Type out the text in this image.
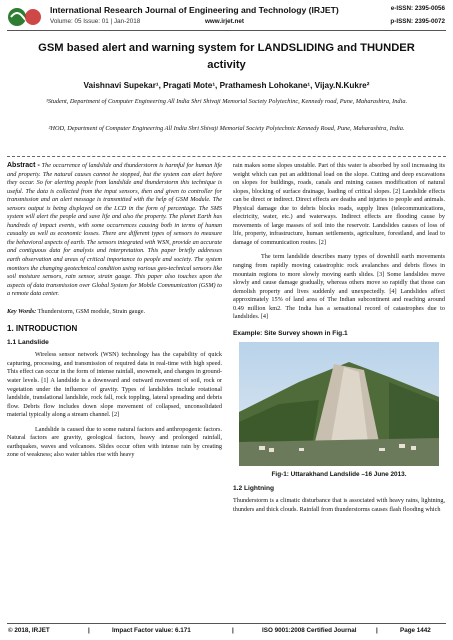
International Research Journal of Engineering and Technology (IRJET)	e-ISSN: 2395-0056
Volume: 05 Issue: 01 | Jan-2018	www.irjet.net	p-ISSN: 2395-0072
GSM based alert and warning system for LANDSLIDING and THUNDER activity
Vaishnavi Supekar¹, Pragati Mote¹, Prathamesh Lohokane¹, Vijay.N.Kukre²
¹Student, Department of Computer Engineering All India Shri Shivaji Memorial Society Polytechinc, Kennedy road, Pune, Maharashtra, India.
²HOD, Department of Computer Engineering All India Shri Shivaji Memorial Society Polytechnic Kennedy Road, Pune, Maharashtra, India.

Abstract - The occurrence of landslide and thunderstorm is harmful for human life and property. The natural causes cannot be stopped, but the system can alert before they occur. So for alerting people from landslide and thunderstorm this technique is useful. The data is collected from the input sensors, then and given to controller for transmission and an alert message is transmitted with the help of GSM Module. The sensors output is being displayed on the LCD in the form of percentage. The SMS system will alert the people and save life and also the property. The planet Earth has hundreds of impact events, with some occurrences causing both in terms of human casualty as well as economic losses. There are different types of sensors to measure the behavioral aspects of earth. The sensors integrated with WSN, provide an accurate and contiguous data for analysis and interpretation. This paper briefly addresses earth observation and areas of critical importance to people and society. The system monitors the changing geotechnical condition using various geo-technical sensors like soil moisture sensors, rain sensor, strain gauge. This paper also touches upon the aspects of data transmission over Global System for Mobile Communication (GSM) to a remote data center.

Key Words: Thunderstorm, GSM module, Strain gauge.

1. INTRODUCTION

1.1 Landslide

Wireless sensor network (WSN) technology has the capability of quick capturing, processing, and transmission of required data in real-time with high speed. This effect can occur in the form of intense rainfall, snowmelt, and changes in ground-water levels. [1] A landslide is a downward and outward movement of soil, rock or vegetation under the influence of gravity. Types of landslides include rotational landslide, translational landslide, rock fall, rock toppling, lateral spreading and debris flow. Debris flow includes down slope movement of collapsed, unconsolidated material typically along a stream channel. [2]

Landslide is caused due to some natural factors and anthropogenic factors. Natural factors are gravity, geological factors, heavy and prolonged rainfall, earthquakes, waves and volcanoes. Slides occur often with intense rain by creating zone of weakness; also water tables rise with heavy

rain makes some slopes unstable. Part of this water is absorbed by soil increasing its weight which can put an additional load on the slope. Cutting and deep excavations on slopes for buildings, roads, canals and mining causes modification of natural slopes, blocking of surface drainage, loading of critical slopes. [2] Landslide effects can be direct or indirect. Direct effects are deaths and injuries to people and animals. Physical damage due to debris blocks roads, supply lines (telecommunications, electricity, water, etc.) and waterways. Indirect effects are flooding cause by movements of large masses of soil into the reservoir. Landslides causes of loss of life, property, infrastructure, human settlements, agriculture, forestland, and lead to damage of communication routes. [2]

The term landslide describes many types of downhill earth movements ranging from rapidly moving catastrophic rock avalanches and debris flows in mountain regions to more slowly moving earth slides. [3] Some landslides move slowly and cause damage gradually, whereas others move so rapidly that those can demolish property and lives suddenly and unexpectedly. [4] Landslides affect approximately 15% of land area of The Indian subcontinent and reaching around 0.49 million km2. The India has a sensational record of catastrophes due to landslides. [4]

Example: Site Survey shown in Fig.1

Fig-1: Uttarakhand Landslide –16 June 2013.

1.2 Lightning

Thunderstorm is a climatic disturbance that is associated with heavy rains, lightning, thunders and thick clouds. Rainfall from thunderstorms causes flash flooding which

© 2018, IRJET	|	Impact Factor value: 6.171	|	ISO 9001:2008 Certified Journal	|	Page 1442
